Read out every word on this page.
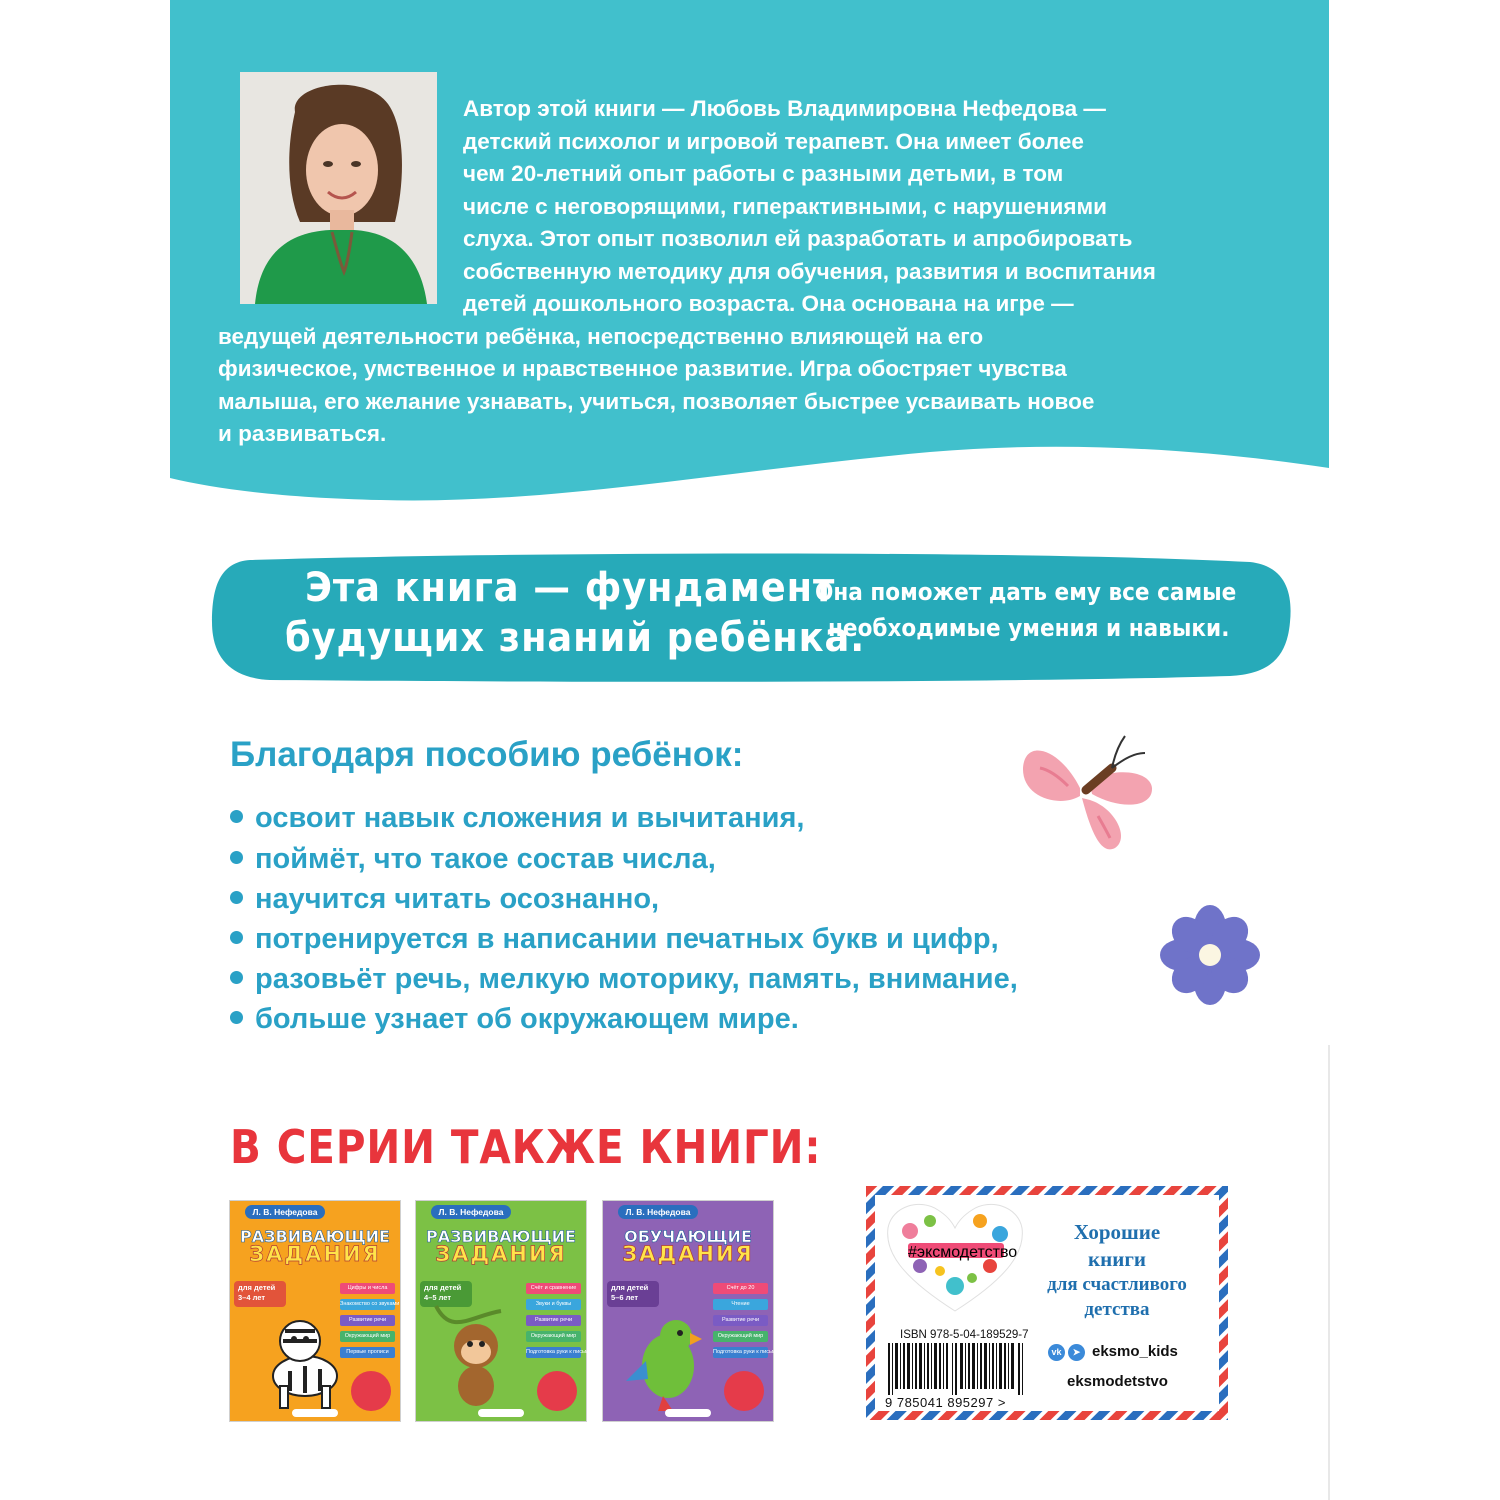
Автор этой книги — Любовь Владимировна Нефедова —
детский психолог и игровой терапевт. Она имеет более
чем 20-летний опыт работы с разными детьми, в том
числе с неговорящими, гиперактивными, с нарушениями
слуха. Этот опыт позволил ей разработать и апробировать
собственную методику для обучения, развития и воспитания
детей дошкольного возраста. Она основана на игре —
ведущей деятельности ребёнка, непосредственно влияющей на его
физическое, умственное и нравственное развитие. Игра обостряет чувства
малыша, его желание узнавать, учиться, позволяет быстрее усваивать новое
и развиваться.
Эта книга — фундамент
будущих знаний ребёнка.
Она поможет дать ему все самые
необходимые умения и навыки.
Благодаря пособию ребёнок:
освоит навык сложения и вычитания,
поймёт, что такое состав числа,
научится читать осознанно,
потренируется в написании печатных букв и цифр,
разовьёт речь, мелкую моторику, память, внимание,
больше узнает об окружающем мире.
В СЕРИИ ТАКЖЕ КНИГИ:
Л. В. Нефедова
РАЗВИВАЮЩИЕ
ЗАДАНИЯ
для детей 3–4 лет
Цифры и числа
Знакомство со звуками
Развитие речи
Окружающий мир
Первые прописи
Л. В. Нефедова
РАЗВИВАЮЩИЕ
ЗАДАНИЯ
для детей 4–5 лет
Счёт и сравнение
Звуки и буквы
Развитие речи
Окружающий мир
Подготовка руки к письму
Л. В. Нефедова
ОБУЧАЮЩИЕ
ЗАДАНИЯ
для детей 5–6 лет
Счёт до 20
Чтение
Развитие речи
Окружающий мир
Подготовка руки к письму
#эксмодетство
Хорошие
книги
для счастливого
детства
ISBN 978-5-04-189529-7
9 785041 895297 >
vk	➤ eksmo_kids
eksmodetstvo
